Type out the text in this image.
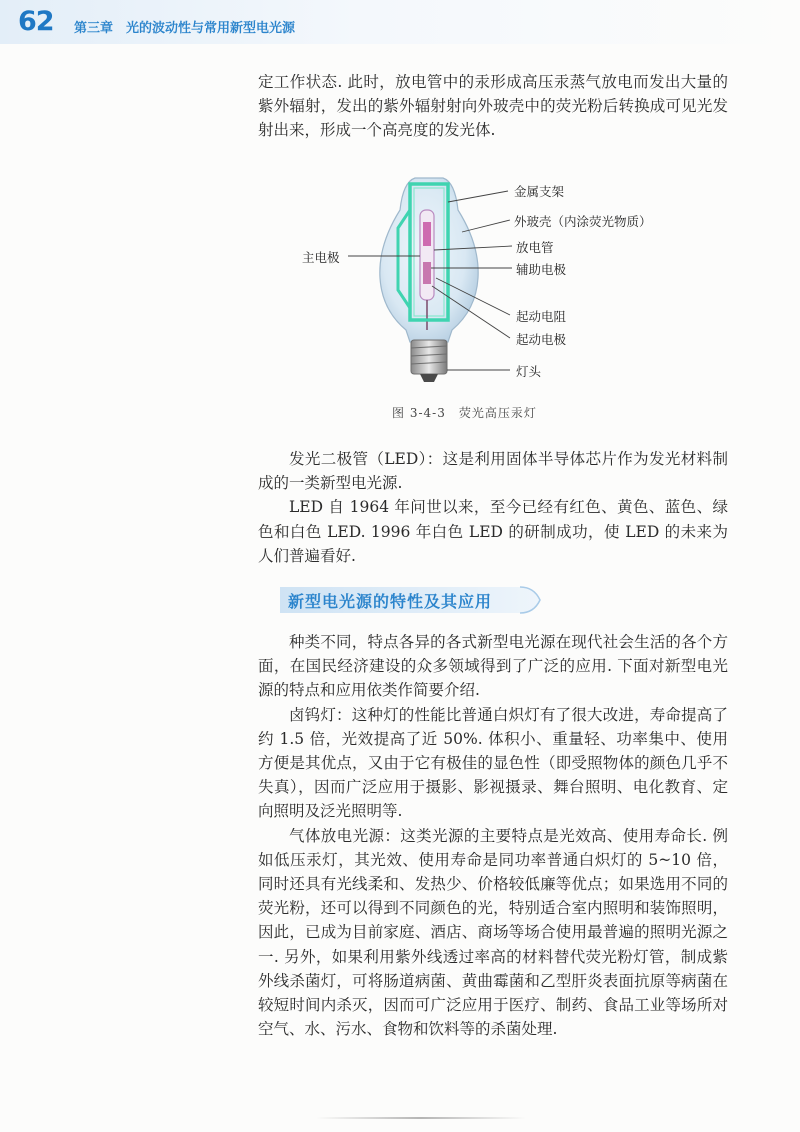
62 第三章　光的波动性与常用新型电光源

定工作状态. 此时，放电管中的汞形成高压汞蒸气放电而发出大量的紫外辐射，发出的紫外辐射射向外玻壳中的荧光粉后转换成可见光发射出来，形成一个高亮度的发光体.

金属支架
外玻壳（内涂荧光物质）
放电管
辅助电极
主电极
起动电阻
起动电极
灯头
图 3-4-3　荧光高压汞灯

发光二极管（LED）：这是利用固体半导体芯片作为发光材料制成的一类新型电光源.

LED 自 1964 年问世以来，至今已经有红色、黄色、蓝色、绿色和白色 LED. 1996 年白色 LED 的研制成功，使 LED 的未来为人们普遍看好.

新型电光源的特性及其应用

种类不同，特点各异的各式新型电光源在现代社会生活的各个方面，在国民经济建设的众多领域得到了广泛的应用. 下面对新型电光源的特点和应用依类作简要介绍.

卤钨灯：这种灯的性能比普通白炽灯有了很大改进，寿命提高了约 1.5 倍，光效提高了近 50%. 体积小、重量轻、功率集中、使用方便是其优点，又由于它有极佳的显色性（即受照物体的颜色几乎不失真），因而广泛应用于摄影、影视摄录、舞台照明、电化教育、定向照明及泛光照明等.

气体放电光源：这类光源的主要特点是光效高、使用寿命长. 例如低压汞灯，其光效、使用寿命是同功率普通白炽灯的 5~10 倍，同时还具有光线柔和、发热少、价格较低廉等优点；如果选用不同的荧光粉，还可以得到不同颜色的光，特别适合室内照明和装饰照明，因此，已成为目前家庭、酒店、商场等场合使用最普遍的照明光源之一. 另外，如果利用紫外线透过率高的材料替代荧光粉灯管，制成紫外线杀菌灯，可将肠道病菌、黄曲霉菌和乙型肝炎表面抗原等病菌在较短时间内杀灭，因而可广泛应用于医疗、制药、食品工业等场所对空气、水、污水、食物和饮料等的杀菌处理.
